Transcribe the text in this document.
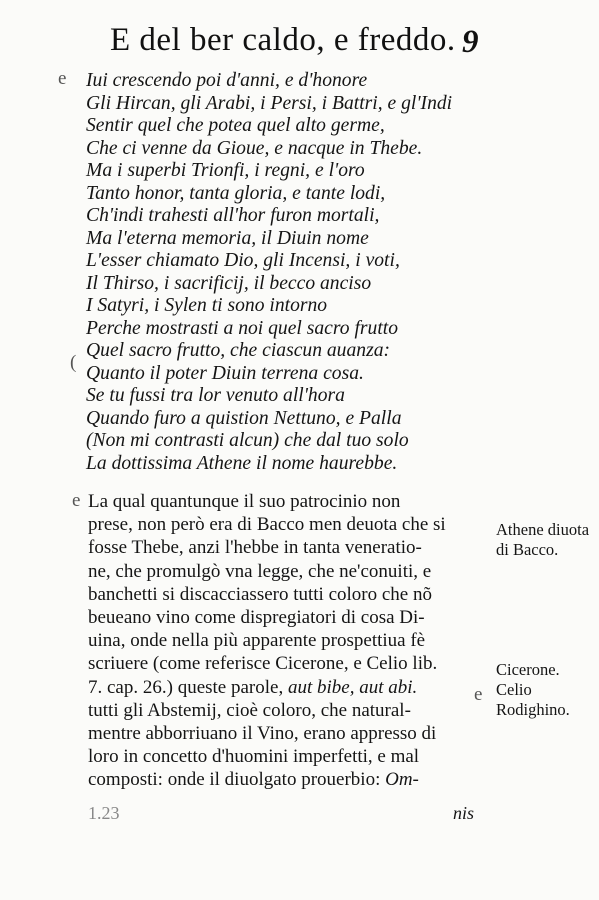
E del ber caldo, e freddo. 9
Iui crescendo poi d'anni, e d'honore
Gli Hircan, gli Arabi, i Persi, i Battri, e gl'Indi
Sentir quel che potea quel alto germe,
Che ci venne da Gioue, e nacque in Thebe.
Ma i superbi Trionfi, i regni, e l'oro
Tanto honor, tanta gloria, e tante lodi,
Ch'indi trahesti all'hor furon mortali,
Ma l'eterna memoria, il Diuin nome
L'esser chiamato Dio, gli Incensi, i voti,
Il Thirso, i sacrificij, il becco anciso
I Satyri, i Sylen ti sono intorno
Perche mostrasti a noi quel sacro frutto
Quel sacro frutto, che ciascun auanza:
Quanto il poter Diuin terrena cosa.
Se tu fussi tra lor venuto all'hora
Quando furo a quistion Nettuno, e Palla
(Non mi contrasti alcun) che dal tuo solo
La dottissima Athene il nome haurebbe.
e
(
e
e
La qual quantunque il suo patrocinio non
prese, non però era di Bacco men deuota che si
fosse Thebe, anzi l'hebbe in tanta veneratio-
ne, che promulgò vna legge, che ne'conuiti, e
banchetti si discacciassero tutti coloro che nõ
beueano vino come dispregiatori di cosa Di-
uina, onde nella più apparente prospettiua fè
scriuere (come referisce Cicerone, e Celio lib.
7. cap. 26.) queste parole, aut bibe, aut abi.
tutti gli Abstemij, cioè coloro, che natural-
mentre abborriuano il Vino, erano appresso di
loro in concetto d'huomini imperfetti, e mal
composti: onde il diuolgato prouerbio: Om-
Athene diuota di Bacco.
Cicerone. Celio Rodighino.
1.23	nis
